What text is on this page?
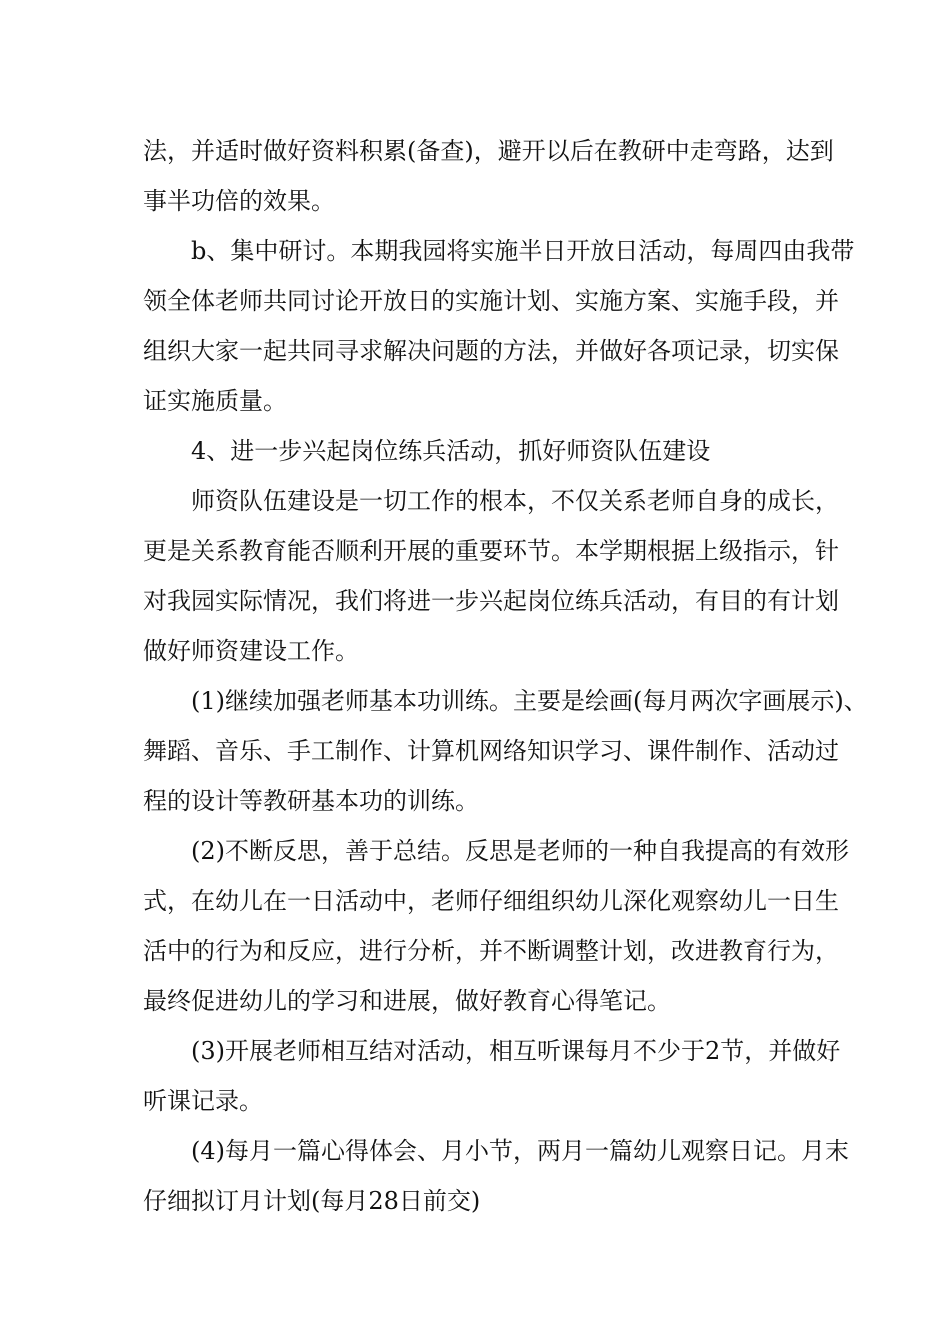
法，并适时做好资料积累(备查)，避开以后在教研中走弯路，达到
事半功倍的效果。
b、集中研讨。本期我园将实施半日开放日活动，每周四由我带
领全体老师共同讨论开放日的实施计划、实施方案、实施手段，并
组织大家一起共同寻求解决问题的方法，并做好各项记录，切实保
证实施质量。
4、进一步兴起岗位练兵活动，抓好师资队伍建设
师资队伍建设是一切工作的根本，不仅关系老师自身的成长，
更是关系教育能否顺利开展的重要环节。本学期根据上级指示，针
对我园实际情况，我们将进一步兴起岗位练兵活动，有目的有计划
做好师资建设工作。
(1)继续加强老师基本功训练。主要是绘画(每月两次字画展示)、
舞蹈、音乐、手工制作、计算机网络知识学习、课件制作、活动过
程的设计等教研基本功的训练。
(2)不断反思，善于总结。反思是老师的一种自我提高的有效形
式，在幼儿在一日活动中，老师仔细组织幼儿深化观察幼儿一日生
活中的行为和反应，进行分析，并不断调整计划，改进教育行为，
最终促进幼儿的学习和进展，做好教育心得笔记。
(3)开展老师相互结对活动，相互听课每月不少于2节，并做好
听课记录。
(4)每月一篇心得体会、月小节，两月一篇幼儿观察日记。月末
仔细拟订月计划(每月28日前交)
